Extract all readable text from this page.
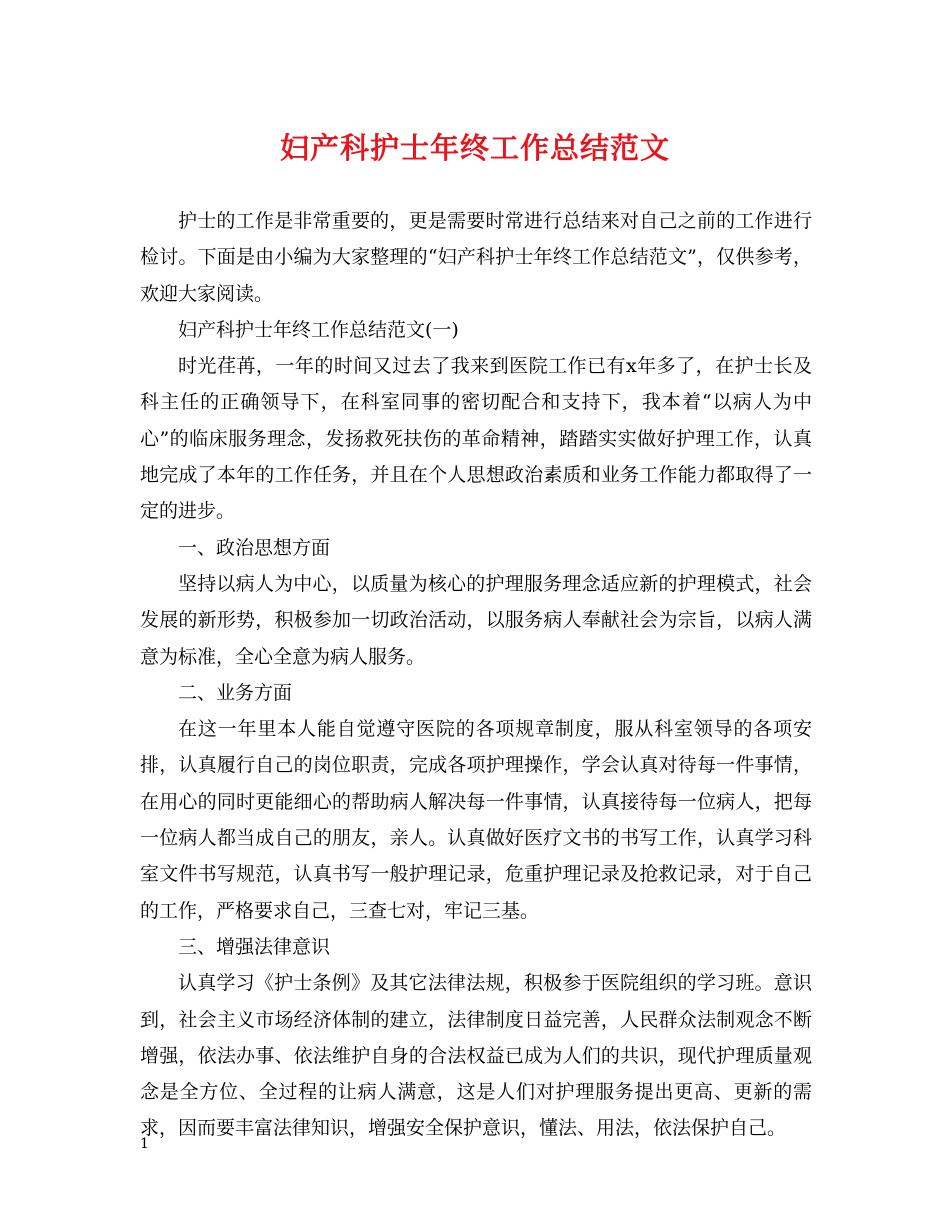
妇产科护士年终工作总结范文

护士的工作是非常重要的，更是需要时常进行总结来对自己之前的工作进行检讨。下面是由小编为大家整理的“妇产科护士年终工作总结范文”，仅供参考，欢迎大家阅读。

妇产科护士年终工作总结范文(一)

时光荏苒，一年的时间又过去了我来到医院工作已有x年多了，在护士长及科主任的正确领导下，在科室同事的密切配合和支持下，我本着“以病人为中心”的临床服务理念，发扬救死扶伤的革命精神，踏踏实实做好护理工作，认真地完成了本年的工作任务，并且在个人思想政治素质和业务工作能力都取得了一定的进步。

一、政治思想方面

坚持以病人为中心，以质量为核心的护理服务理念适应新的护理模式，社会发展的新形势，积极参加一切政治活动，以服务病人奉献社会为宗旨，以病人满意为标准，全心全意为病人服务。

二、业务方面

在这一年里本人能自觉遵守医院的各项规章制度，服从科室领导的各项安排，认真履行自己的岗位职责，完成各项护理操作，学会认真对待每一件事情，在用心的同时更能细心的帮助病人解决每一件事情，认真接待每一位病人，把每一位病人都当成自己的朋友，亲人。认真做好医疗文书的书写工作，认真学习科室文件书写规范，认真书写一般护理记录，危重护理记录及抢救记录，对于自己的工作，严格要求自己，三查七对，牢记三基。

三、增强法律意识

认真学习《护士条例》及其它法律法规，积极参于医院组织的学习班。意识到，社会主义市场经济体制的建立，法律制度日益完善，人民群众法制观念不断增强，依法办事、依法维护自身的合法权益已成为人们的共识，现代护理质量观念是全方位、全过程的让病人满意，这是人们对护理服务提出更高、更新的需求，因而要丰富法律知识，增强安全保护意识，懂法、用法，依法保护自己。

1
